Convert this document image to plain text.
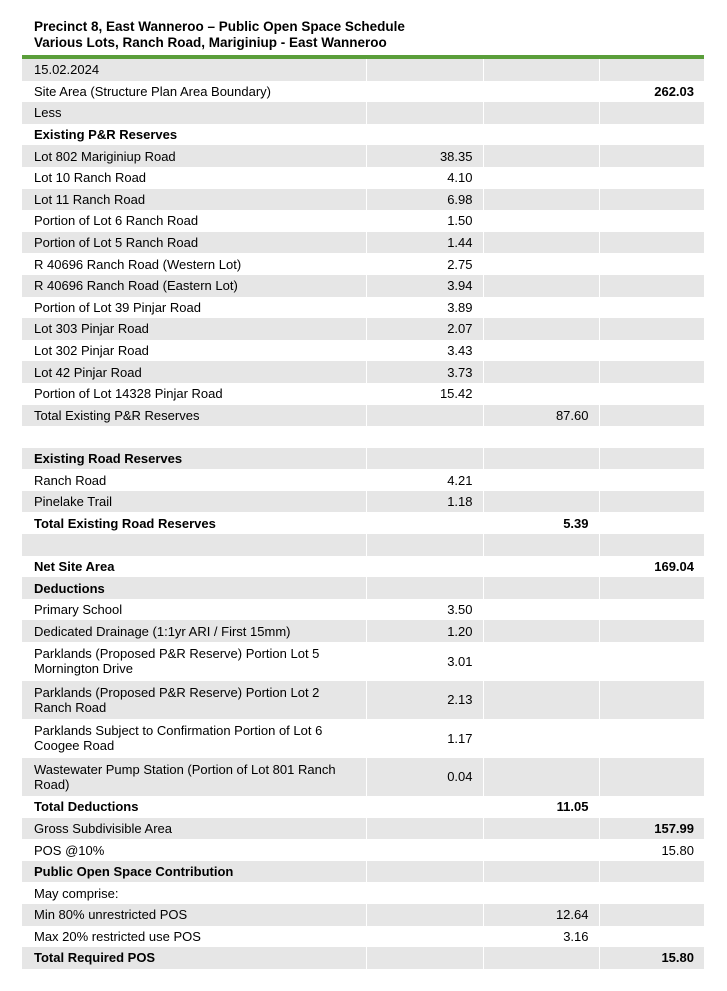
Precinct 8, East Wanneroo – Public Open Space Schedule
Various Lots, Ranch Road, Mariginiup - East Wanneroo
15.02.2024			
Site Area (Structure Plan Area Boundary)			262.03
Less			
Existing P&R Reserves			
Lot 802 Mariginiup Road	38.35		
Lot 10 Ranch Road	4.10		
Lot 11 Ranch Road	6.98		
Portion of Lot 6 Ranch Road	1.50		
Portion of Lot 5 Ranch Road	1.44		
R 40696 Ranch Road (Western Lot)	2.75		
R 40696 Ranch Road (Eastern Lot)	3.94		
Portion of Lot 39 Pinjar Road	3.89		
Lot 303 Pinjar Road	2.07		
Lot 302 Pinjar Road	3.43		
Lot 42 Pinjar Road	3.73		
Portion of Lot 14328 Pinjar Road	15.42		
Total Existing P&R Reserves		87.60	

Existing Road Reserves			
Ranch Road	4.21		
Pinelake Trail	1.18		
Total Existing Road Reserves		5.39	

Net Site Area			169.04
Deductions			
Primary School	3.50		
Dedicated Drainage (1:1yr ARI / First 15mm)	1.20		
Parklands (Proposed P&R Reserve) Portion Lot 5 Mornington Drive	3.01		
Parklands (Proposed P&R Reserve) Portion Lot 2 Ranch Road	2.13		
Parklands Subject to Confirmation Portion of Lot 6 Coogee Road	1.17		
Wastewater Pump Station (Portion of Lot 801 Ranch Road)	0.04		
Total Deductions		11.05	
Gross Subdivisible Area			157.99
POS @10%			15.80
Public Open Space Contribution			
May comprise:			
Min 80% unrestricted POS		12.64	
Max 20% restricted use POS		3.16	
Total Required POS			15.80
